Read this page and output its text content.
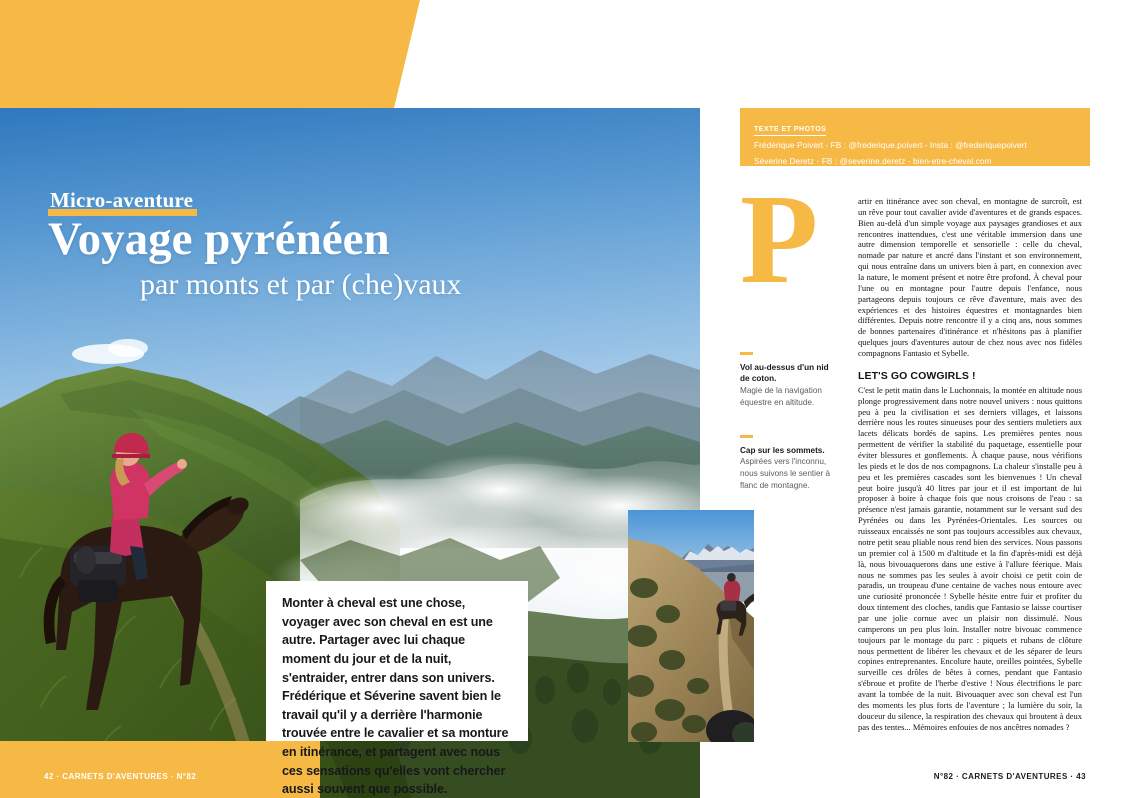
Micro-aventure
Voyage pyrénéen
par monts et par (che)vaux

Monter à cheval est une chose, voyager avec son cheval en est une autre. Partager avec lui chaque moment du jour et de la nuit, s'entraider, entrer dans son univers. Frédérique et Séverine savent bien le travail qu'il y a derrière l'harmonie trouvée entre le cavalier et sa monture en itinérance, et partagent avec nous ces sensations qu'elles vont chercher aussi souvent que possible.

42 · CARNETS D'AVENTURES · N°82
TEXTE ET PHOTOS
Frédérique Poivert - FB : @frederique.poivert - Insta : @frederiquepoivert
Séverine Deretz - FB : @severine.deretz - bien-etre-cheval.com
Vol au-dessus d'un nid de coton.
Magie de la navigation équestre en altitude.
Cap sur les sommets.
Aspirées vers l'inconnu, nous suivons le sentier à flanc de montagne.
P	artir en itinérance avec son cheval, en montagne de surcroît, est un rêve pour tout cavalier avide d'aventures et de grands espaces. Bien au-delà d'un simple voyage aux paysages grandioses et aux rencontres inattendues, c'est une véritable immersion dans une autre dimension temporelle et sensorielle : celle du cheval, nomade par nature et ancré dans l'instant et son environnement, qui nous entraîne dans un univers bien à part, en connexion avec la nature, le moment présent et notre être profond. À cheval pour l'une ou en montagne pour l'autre depuis l'enfance, nous partageons depuis toujours ce rêve d'aventure, mais avec des expériences et des histoires équestres et montagnardes bien différentes. Depuis notre rencontre il y a cinq ans, nous sommes de bonnes partenaires d'itinérance et n'hésitons pas à planifier quelques jours d'aventures autour de chez nous avec nos fidèles compagnons Fantasio et Sybelle.

LET'S GO COWGIRLS !

C'est le petit matin dans le Luchonnais, la montée en altitude nous plonge progressivement dans notre nouvel univers : nous quittons peu à peu la civilisation et ses derniers villages, et laissons derrière nous les routes sinueuses pour des sentiers muletiers aux lacets délicats bordés de sapins. Les premières pentes nous permettent de vérifier la stabilité du paquetage, essentielle pour éviter blessures et gonflements. À chaque pause, nous vérifions les pieds et le dos de nos compagnons. La chaleur s'installe peu à peu et les premières cascades sont les bienvenues ! Un cheval peut boire jusqu'à 40 litres par jour et il est important de lui proposer à boire à chaque fois que nous croisons de l'eau : sa présence n'est jamais garantie, notamment sur le versant sud des Pyrénées ou dans les Pyrénées-Orientales. Les sources ou ruisseaux encaissés ne sont pas toujours accessibles aux chevaux, notre petit seau pliable nous rend bien des services. Nous passons un premier col à 1500 m d'altitude et la fin d'après-midi est déjà là, nous bivouaquerons dans une estive à l'allure féerique. Mais nous ne sommes pas les seules à avoir choisi ce petit coin de paradis, un troupeau d'une centaine de vaches nous entoure avec une curiosité prononcée ! Sybelle hésite entre fuir et profiter du doux tintement des cloches, tandis que Fantasio se laisse courtiser par une jolie cornue avec un plaisir non dissimulé. Nous camperons un peu plus loin. Installer notre bivouac commence toujours par le montage du parc : piquets et rubans de clôture nous permettent de libérer les chevaux et de les séparer de leurs copines entreprenantes. Encolure haute, oreilles pointées, Sybelle surveille ces drôles de bêtes à cornes, pendant que Fantasio s'ébroue et profite de l'herbe d'estive ! Nous électrifions le parc avant la tombée de la nuit. Bivouaquer avec son cheval est l'un des moments les plus forts de l'aventure ; la lumière du soir, la douceur du silence, la respiration des chevaux qui broutent à deux pas des tentes... Mémoires enfouies de nos ancêtres nomades ?

N°82 · CARNETS D'AVENTURES · 43
